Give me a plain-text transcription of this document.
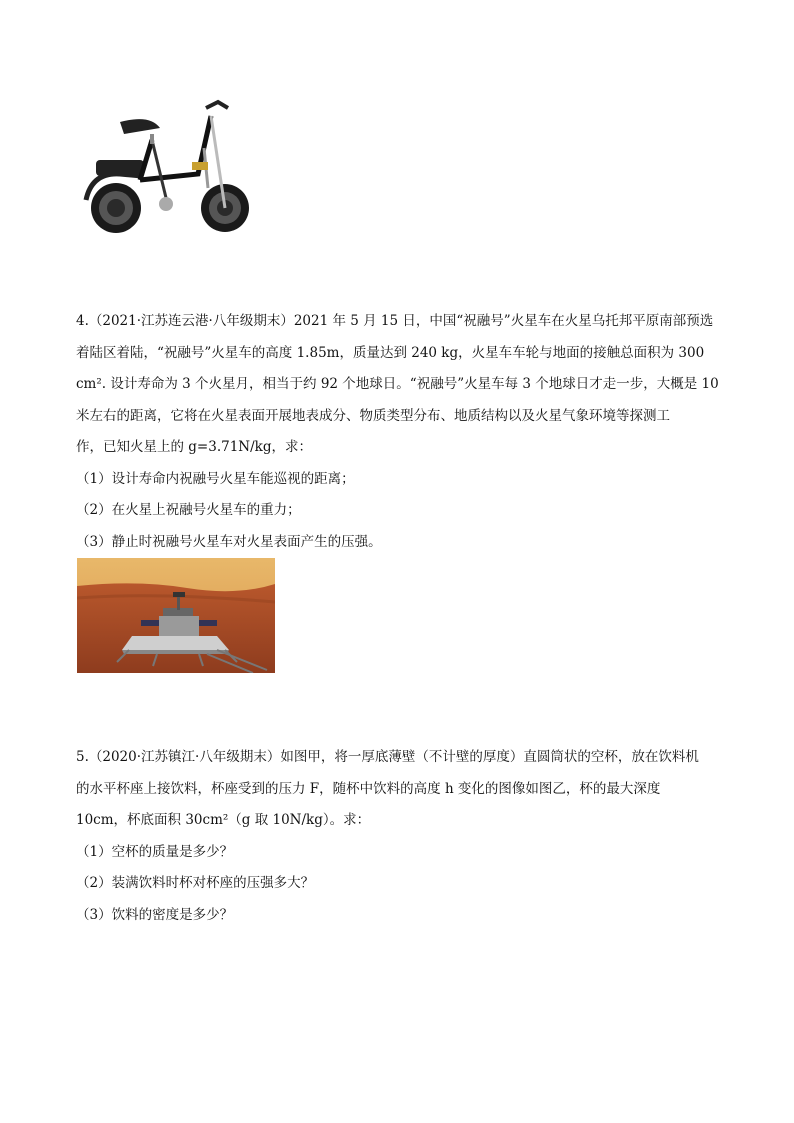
4.（2021·江苏连云港·八年级期末）2021 年 5 月 15 日，中国“祝融号”火星车在火星乌托邦平原南部预选

着陆区着陆，“祝融号”火星车的高度 1.85m，质量达到 240 kg，火星车车轮与地面的接触总面积为 300

cm². 设计寿命为 3 个火星月，相当于约 92 个地球日。“祝融号”火星车每 3 个地球日才走一步，大概是 10

米左右的距离，它将在火星表面开展地表成分、物质类型分布、地质结构以及火星气象环境等探测工

作，已知火星上的 g=3.71N/kg，求：

（1）设计寿命内祝融号火星车能巡视的距离；

（2）在火星上祝融号火星车的重力；

（3）静止时祝融号火星车对火星表面产生的压强。

5.（2020·江苏镇江·八年级期末）如图甲，将一厚底薄壁（不计壁的厚度）直圆筒状的空杯，放在饮料机

的水平杯座上接饮料，杯座受到的压力 F，随杯中饮料的高度 h 变化的图像如图乙，杯的最大深度

10cm，杯底面积 30cm²（g 取 10N/kg）。求：

（1）空杯的质量是多少？

（2）装满饮料时杯对杯座的压强多大？

（3）饮料的密度是多少？
